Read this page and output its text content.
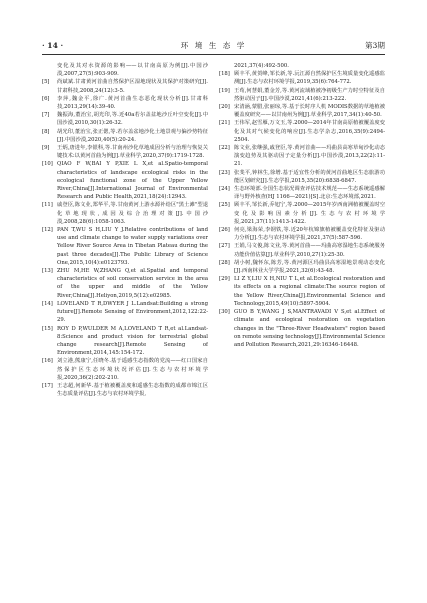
· 14 ·	环 境 生 态 学	第3期
变化及其对水资源的影响——以甘南高原为例[J].中国沙漠,2007,27(5):903-909.
[5] 尚斌斌.甘肃黄河首曲自然保护区湿地现状及其保护对策研究[J].甘肃科技,2008,24(12):3-5.
[6] 李萍,魏金平,徐广.黄河首曲生态恶化现状分析[J].甘肃科技,2013,29(14):39-40.
[7] 魏振海,董治宝,胡光印,等.近40a若尔盖盆地沙丘叶空变化[J].中国沙漠,2010,30(1):26-32.
[8] 胡光印,董治宝,张正偲,等.若尔盖盆地沙化土地景观与偏沙势特征[J].中国沙漠,2020,40(5):20-24.
[9] 王炳,唐进年,李银科,等.甘南州沙化草地成因分析与治理与恢复关键技术:以黄河首曲为例[J].草业科学,2020,37(9):1719-1728.
[10] QIAO F W,BAI Y P,XIE L X,et al.Spatio-temporal characteristics of landscape ecological risks in the ecological functional zone of the Upper Yellow River,China[J].International Journal of Environmental Research and Public Health,2021,18(24):12943.
[11] 戚登臣,陈文业,郑华平,等.甘南黄河上游水源补给区"黑土滩"型退化草地现状,成因及综合治理对策[J].中国沙漠,2008,28(6):1058-1063.
[12] PAN T,WU S H,LIU Y J.Relative contributions of land use and climate change to water supply variations over Yellow River Source Area in Tibetan Plateau during the past three decades[J].The Public Library of Science One,2015,10(4):e0123793.
[13] ZHU M,HE W,ZHANG Q,et al.Spatial and temporal characteristics of soil conservation service in the area of the upper and middle of the Yellow River,China[J].Heliyon,2019,5(12):e02985.
[14] LOVELAND T R,DWYER J L.Landsat:Building a strong future[J].Remote Sensing of Environment,2012,122:22-29.
[15] ROY D P,WULDER M A,LOVELAND T R,et al.Landsat-8:Science and product vision for terrestrial global change research[J].Remote Sensing of Environment,2014,145:154-172.
[16] 刘立港,熊康宁,任晓冬.基于遥感生态指数的党流——红口国家自然保护区生态环境状况评估[J].生态与农村环境学报,2020,36(2):202-210.
[17] 王志超,何新华.基于植被覆盖度和遥感生态指数的成都市锦江区生态质量评估[J].生态与农村环境学报,
2021,37(4):492-500.
[18] 顾丰平,黄贺峰,邹长新,等.沅江源自然保护区生境质量变化遥感监测[J].生态与农村环境学报,2019,35(6):764-772.
[19] 王荀,何慧娟,董金芳,等.黄河流域植被净初级生产力时空特征及自然驱动因子[J].中国沙漠,2021,41(6):213-222.
[20] 宋清涵,蒙腊,张丽琼,等.基于长时序人机 MODIS数据的草地植被覆盖度研究——以甘南州为例[J].草业科学,2017,34(1):40-50.
[21] 王伟军,赵雪雁,万文玉,等.2000—2014年甘南高原植被覆盖度变化及其对气候变化的响应[J].生态学杂志,2016,35(9):2494-2504.
[22] 陈文业,张继强,戚登臣,等.黄河首曲——玛曲县高寒草甸沙化动态演变趋势及其驱动因子定量分析[J].中国沙漠,2013,22(2):11-21.
[23] 张斐平,钟林生,徐增.基于适宜性分析的黄河首曲地区生态旅游功能区划研究[J].生态学报,2015,35(20):6838-6847.
[24] 生态环境部.全国生态状况调查评估技术规范——生态系统遥感解译与野外核查(HJ 1166—2021)[S].北京:生态环境部,2021.
[25] 顾丰平,邹长新,乔旭宁,等.2000—2015年岁西南洲植被覆盖时空变化及影响因素分析[J].生态与农村环境学报,2021,37(11):1413-1422.
[26] 何亮,梁海荣,李钢铁,等.近20年杭锦旗植被覆盖变化特征及驱动力分析[J].生态与农村环境学报,2021,37(5):587-596.
[27] 王娟,马文俊,陈文业,等.黄河首曲——玛曲高寒湿地生态系统服务功能价值估算[J].草业科学,2010,27(1):25-30.
[28] 胡小树,魏怀东,陈芳,等.黄河源区玛曲县高寒湿地景观动态变化[J].西南林业大学学报,2021,32(6):43-48.
[29] LI Z Y,LIU X H,NIU T L,et al.Ecological restoration and its effects on a regional climate:The source region of the Yellow River,China[J].Environmental Science and Technology,2015,49(10):5897-5904.
[30] GUO B Y,WANG J S,MANTRAVADI V S,et al.Effect of climate and ecological restoration on vegetation changes in the "Three-River Headwaters" region based on remote sensing technology[J].Environmental Science and Pollution Research,2021,29:16346-16448.
